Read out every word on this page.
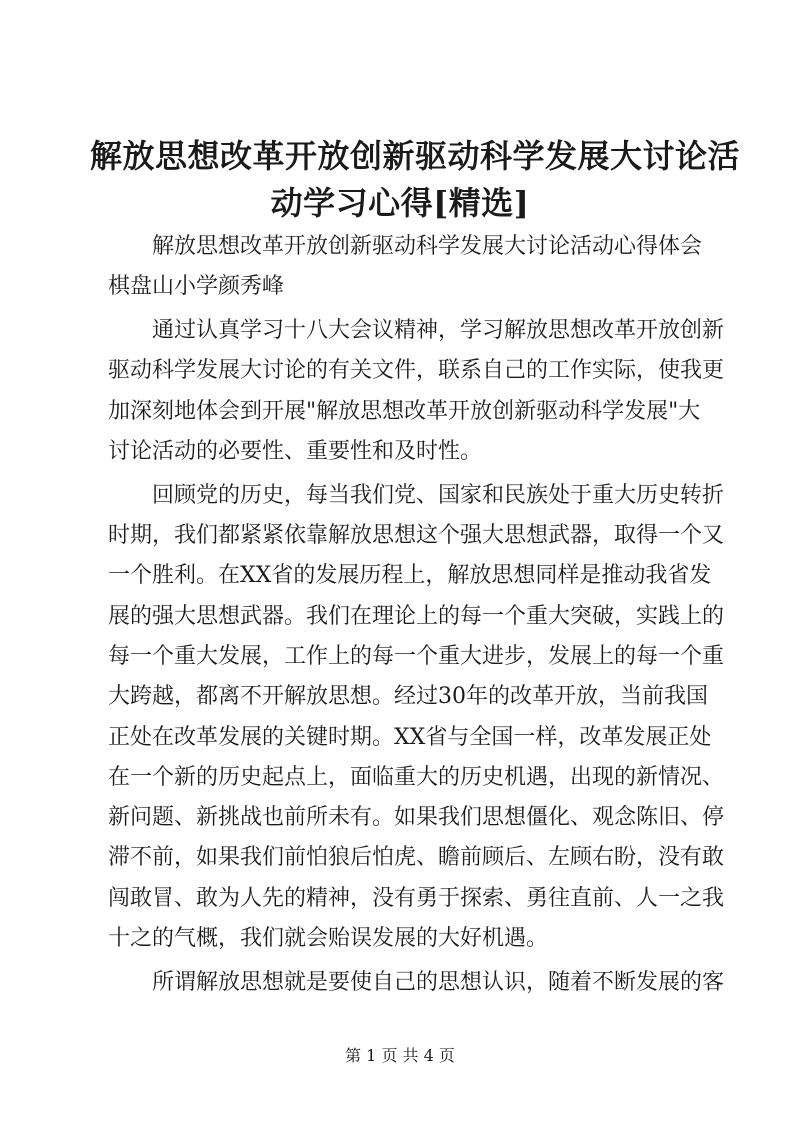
解放思想改革开放创新驱动科学发展大讨论活
动学习心得[精选]
解放思想改革开放创新驱动科学发展大讨论活动心得体会
棋盘山小学颜秀峰
通过认真学习十八大会议精神，学习解放思想改革开放创新
驱动科学发展大讨论的有关文件，联系自己的工作实际，使我更
加深刻地体会到开展"解放思想改革开放创新驱动科学发展"大
讨论活动的必要性、重要性和及时性。
回顾党的历史，每当我们党、国家和民族处于重大历史转折
时期，我们都紧紧依靠解放思想这个强大思想武器，取得一个又
一个胜利。在XX省的发展历程上，解放思想同样是推动我省发
展的强大思想武器。我们在理论上的每一个重大突破，实践上的
每一个重大发展，工作上的每一个重大进步，发展上的每一个重
大跨越，都离不开解放思想。经过30年的改革开放，当前我国
正处在改革发展的关键时期。XX省与全国一样，改革发展正处
在一个新的历史起点上，面临重大的历史机遇，出现的新情况、
新问题、新挑战也前所未有。如果我们思想僵化、观念陈旧、停
滞不前，如果我们前怕狼后怕虎、瞻前顾后、左顾右盼，没有敢
闯敢冒、敢为人先的精神，没有勇于探索、勇往直前、人一之我
十之的气概，我们就会贻误发展的大好机遇。
所谓解放思想就是要使自己的思想认识，随着不断发展的客
第 1 页 共 4 页
